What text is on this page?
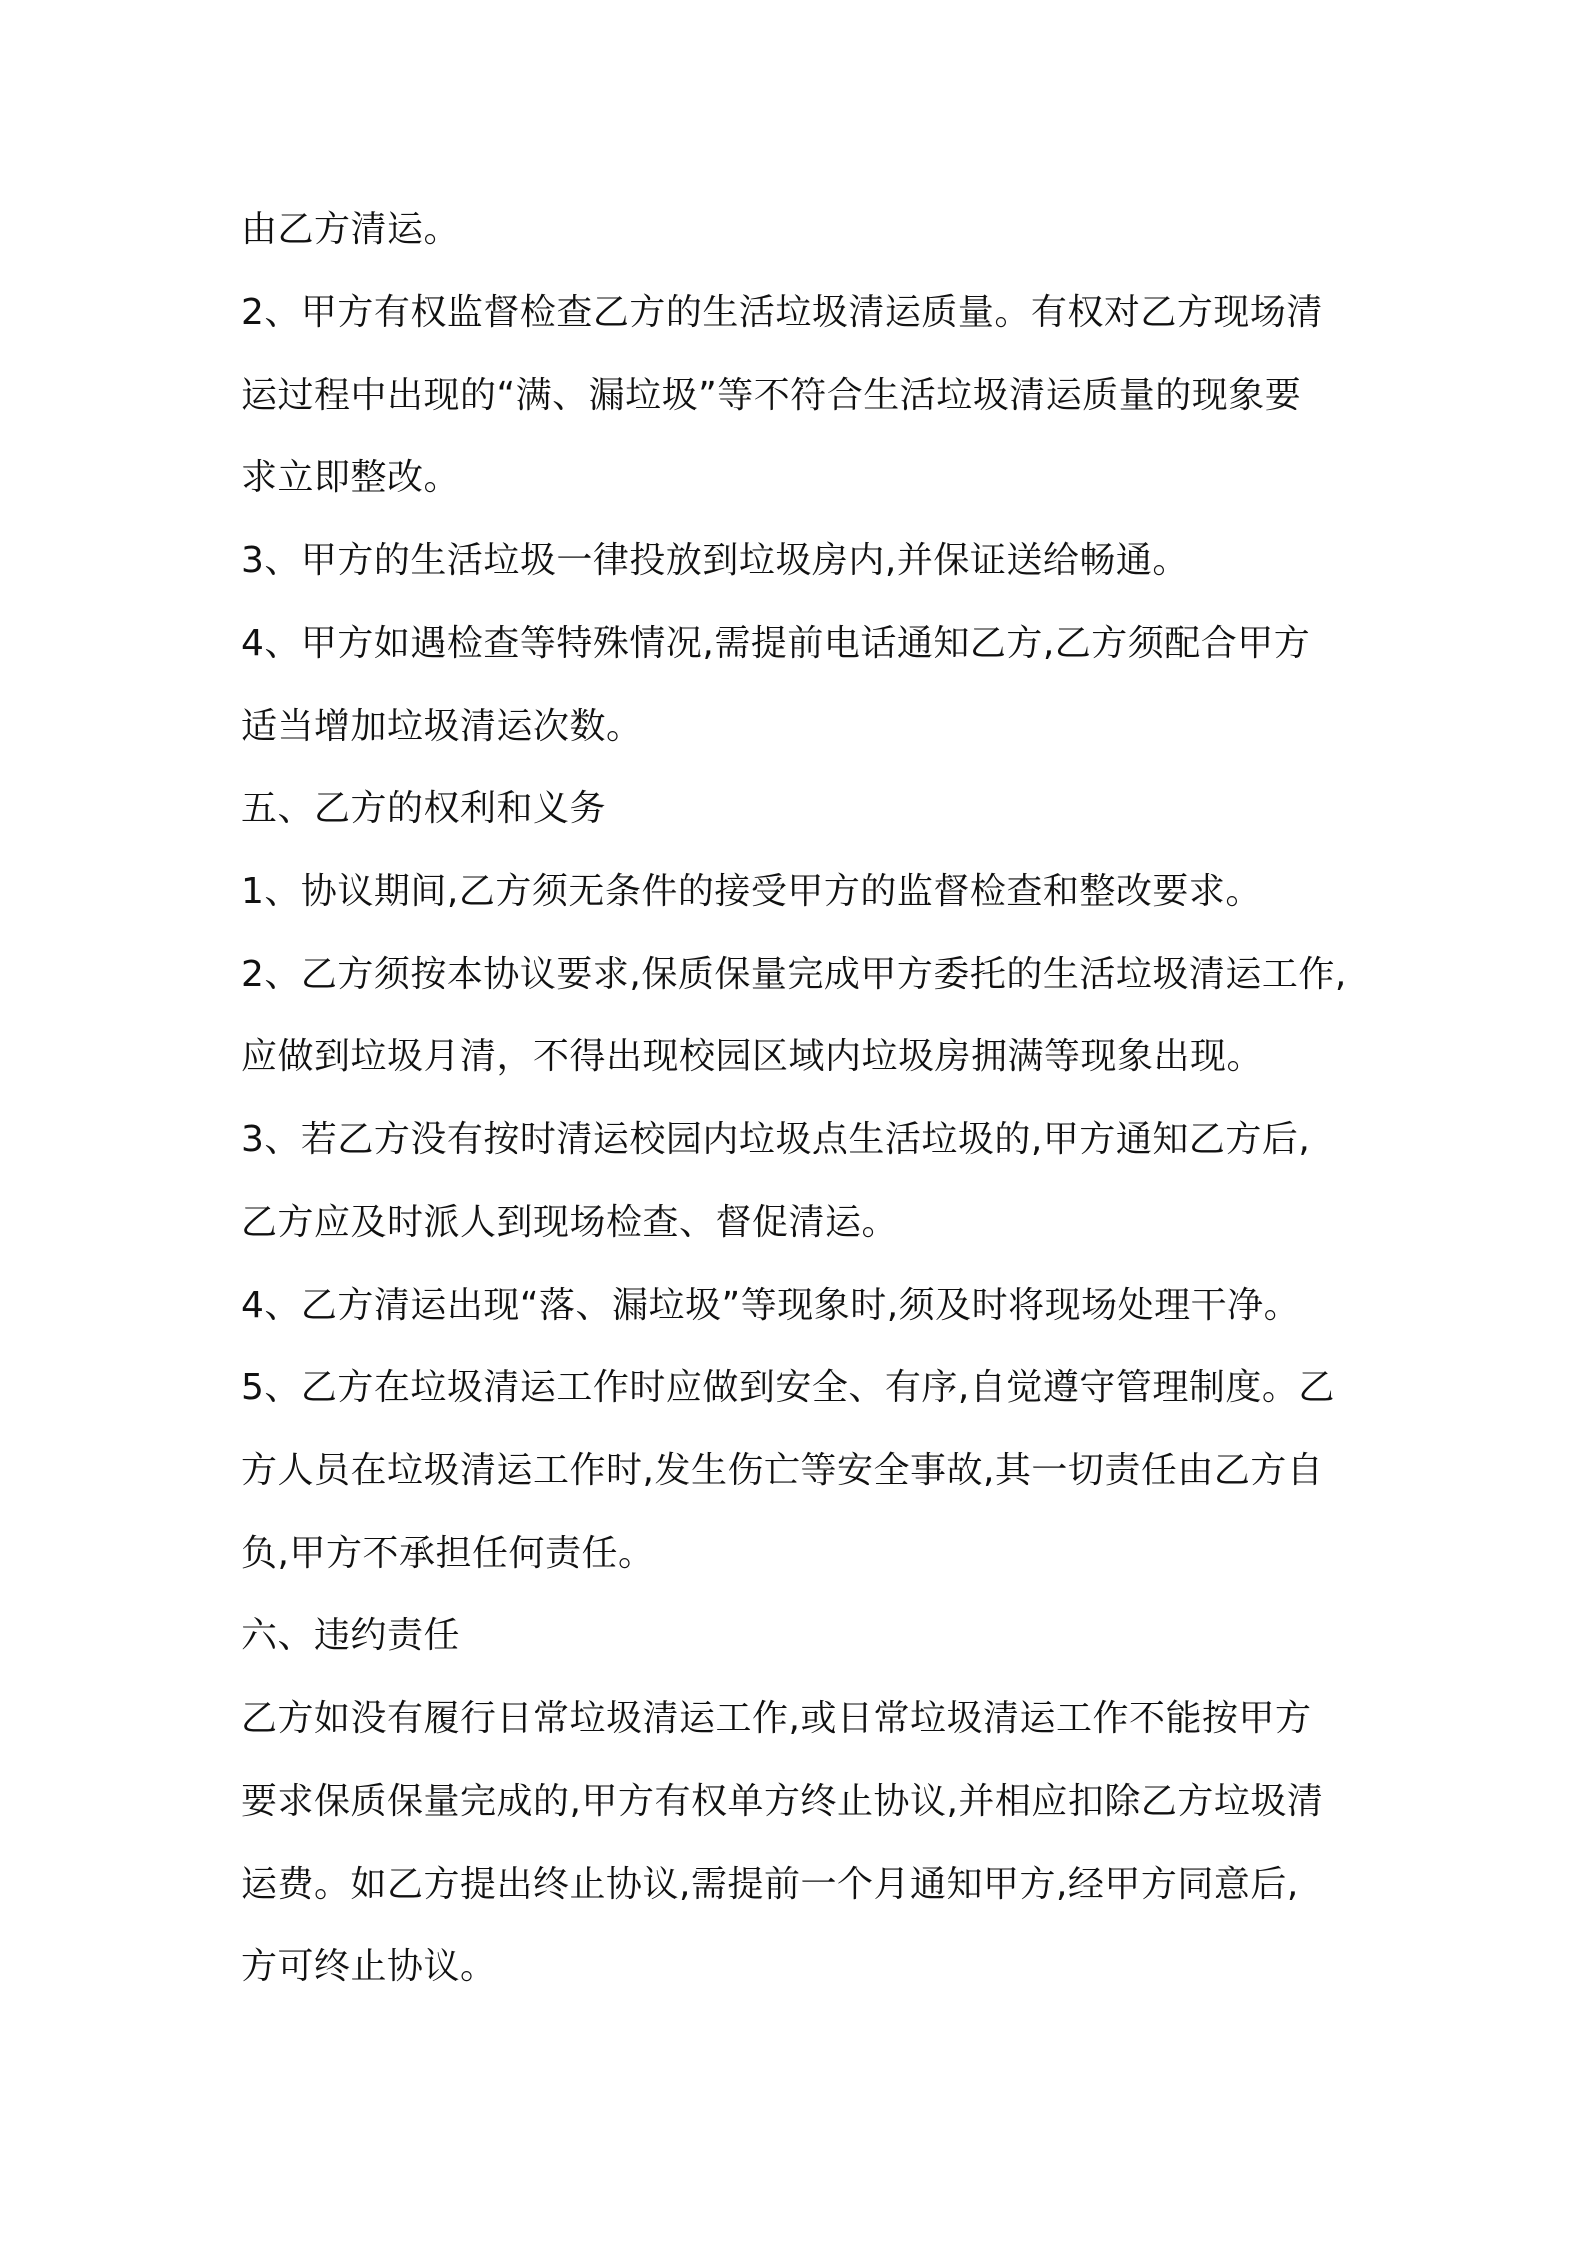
由乙方清运。
2、甲方有权监督检查乙方的生活垃圾清运质量。有权对乙方现场清
运过程中出现的“满、漏垃圾”等不符合生活垃圾清运质量的现象要
求立即整改。
3、甲方的生活垃圾一律投放到垃圾房内,并保证送给畅通。
4、甲方如遇检查等特殊情况,需提前电话通知乙方,乙方须配合甲方
适当增加垃圾清运次数。
五、乙方的权利和义务
1、协议期间,乙方须无条件的接受甲方的监督检查和整改要求。
2、乙方须按本协议要求,保质保量完成甲方委托的生活垃圾清运工作,
应做到垃圾月清，不得出现校园区域内垃圾房拥满等现象出现。
3、若乙方没有按时清运校园内垃圾点生活垃圾的,甲方通知乙方后,
乙方应及时派人到现场检查、督促清运。
4、乙方清运出现“落、漏垃圾”等现象时,须及时将现场处理干净。
5、乙方在垃圾清运工作时应做到安全、有序,自觉遵守管理制度。乙
方人员在垃圾清运工作时,发生伤亡等安全事故,其一切责任由乙方自
负,甲方不承担任何责任。
六、违约责任
乙方如没有履行日常垃圾清运工作,或日常垃圾清运工作不能按甲方
要求保质保量完成的,甲方有权单方终止协议,并相应扣除乙方垃圾清
运费。如乙方提出终止协议,需提前一个月通知甲方,经甲方同意后,
方可终止协议。
